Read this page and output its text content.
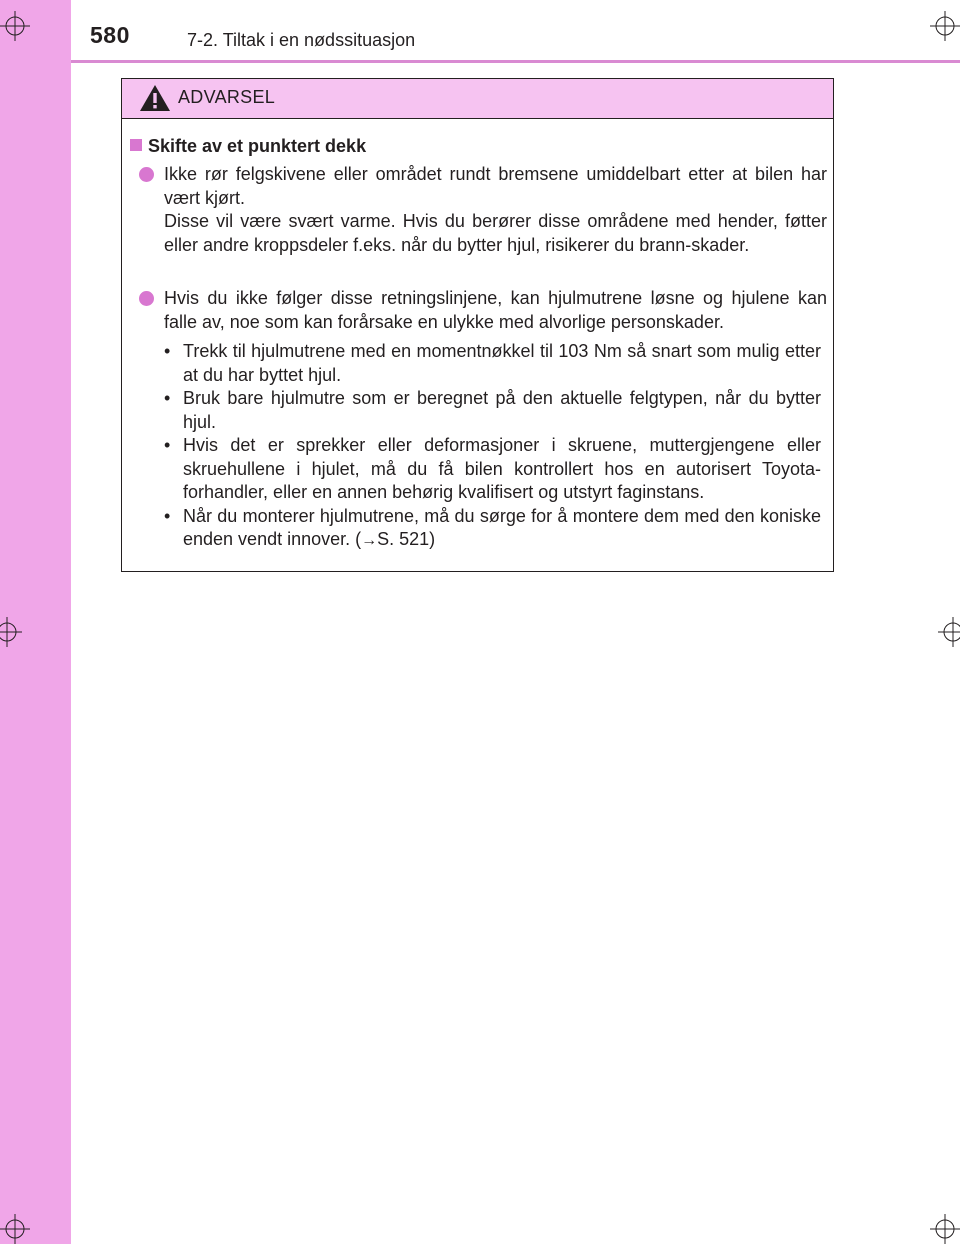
580	7-2. Tiltak i en nødssituasjon
ADVARSEL
Skifte av et punktert dekk

Ikke rør felgskivene eller området rundt bremsene umiddelbart etter at bilen har vært kjørt.

Disse vil være svært varme. Hvis du berører disse områdene med hender, føtter eller andre kroppsdeler f.eks. når du bytter hjul, risikerer du brann-skader.

Hvis du ikke følger disse retningslinjene, kan hjulmutrene løsne og hjulene kan falle av, noe som kan forårsake en ulykke med alvorlige personskader.

• Trekk til hjulmutrene med en momentnøkkel til 103 Nm så snart som mulig etter at du har byttet hjul.
• Bruk bare hjulmutre som er beregnet på den aktuelle felgtypen, når du bytter hjul.
• Hvis det er sprekker eller deformasjoner i skruene, muttergjengene eller skruehullene i hjulet, må du få bilen kontrollert hos en autorisert Toyota-forhandler, eller en annen behørig kvalifisert og utstyrt faginstans.
• Når du monterer hjulmutrene, må du sørge for å montere dem med den koniske enden vendt innover. (→S. 521)
